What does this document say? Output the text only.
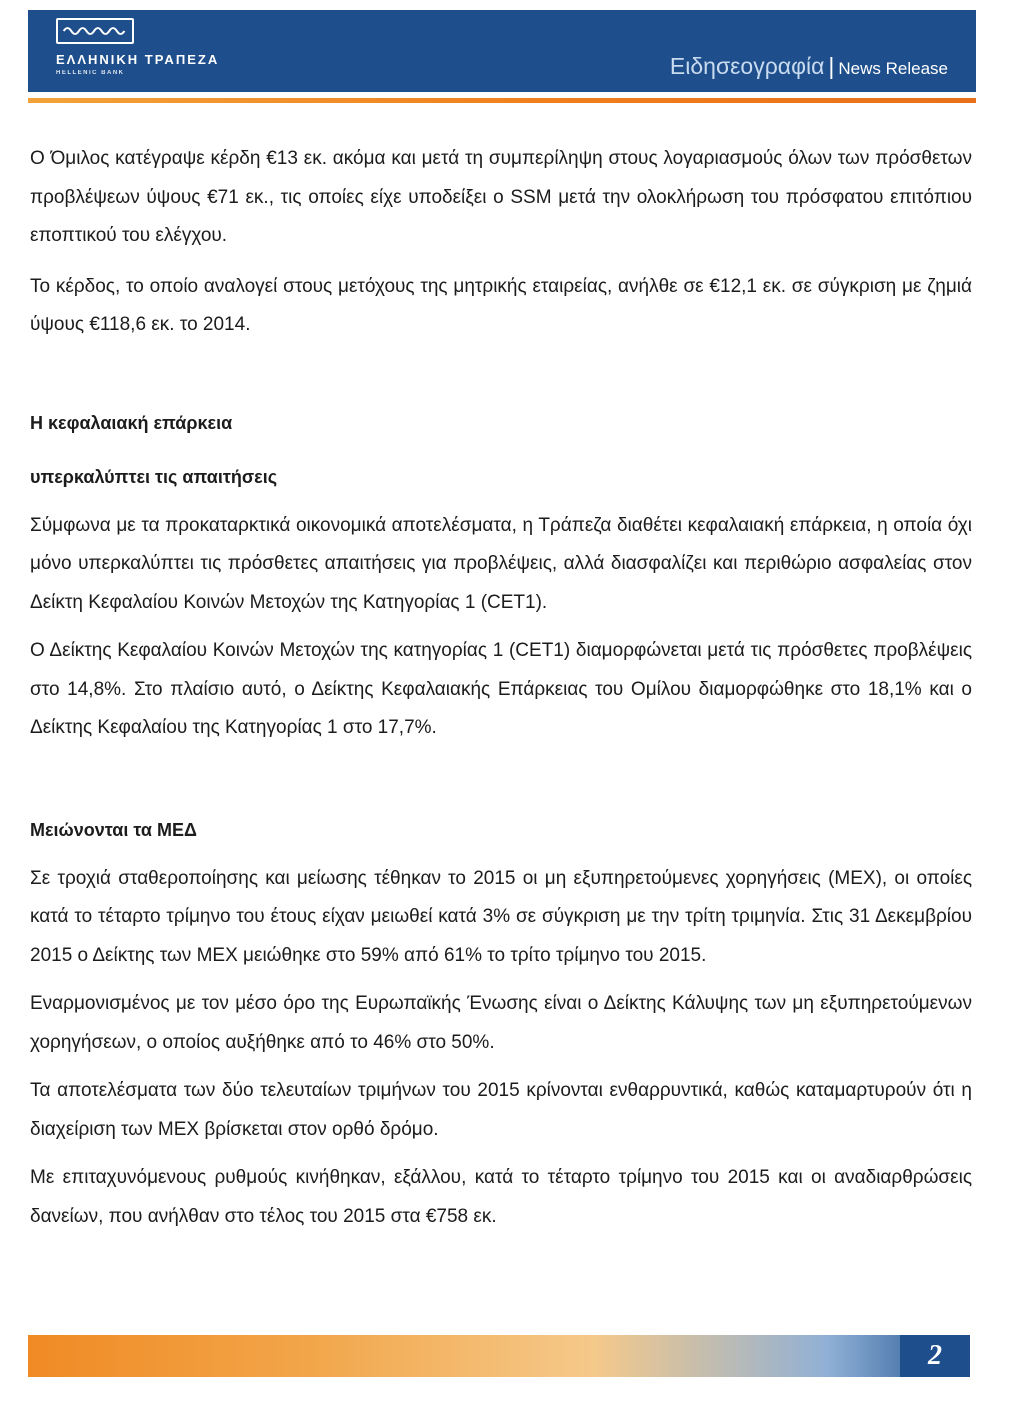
ΕΛΛΗΝΙΚΗ ΤΡΑΠΕΖΑ
HELLENIC BANK	Ειδησεογραφία | News Release

Ο Όμιλος κατέγραψε κέρδη €13 εκ. ακόμα και μετά τη συμπερίληψη στους λογαριασμούς όλων των πρόσθετων προβλέψεων ύψους €71 εκ., τις οποίες είχε υποδείξει ο SSM μετά την ολοκλήρωση του πρόσφατου επιτόπιου εποπτικού του ελέγχου.

Το κέρδος, το οποίο αναλογεί στους μετόχους της μητρικής εταιρείας, ανήλθε σε €12,1 εκ. σε σύγκριση με ζημιά ύψους €118,6 εκ. το 2014.

Η κεφαλαιακή επάρκεια

υπερκαλύπτει τις απαιτήσεις

Σύμφωνα με τα προκαταρκτικά οικονομικά αποτελέσματα, η Τράπεζα διαθέτει κεφαλαιακή επάρκεια, η οποία όχι μόνο υπερκαλύπτει τις πρόσθετες απαιτήσεις για προβλέψεις, αλλά διασφαλίζει και περιθώριο ασφαλείας στον Δείκτη Κεφαλαίου Κοινών Μετοχών της Κατηγορίας 1 (CET1).

Ο Δείκτης Κεφαλαίου Κοινών Μετοχών της κατηγορίας 1 (CET1) διαμορφώνεται μετά τις πρόσθετες προβλέψεις στο 14,8%. Στο πλαίσιο αυτό, ο Δείκτης Κεφαλαιακής Επάρκειας του Ομίλου διαμορφώθηκε στο 18,1% και ο Δείκτης Κεφαλαίου της Κατηγορίας 1 στο 17,7%.

Μειώνονται τα ΜΕΔ

Σε τροχιά σταθεροποίησης και μείωσης τέθηκαν το 2015 οι μη εξυπηρετούμενες χορηγήσεις (ΜΕΧ), οι οποίες κατά το τέταρτο τρίμηνο του έτους είχαν μειωθεί κατά 3% σε σύγκριση με την τρίτη τριμηνία. Στις 31 Δεκεμβρίου 2015 ο Δείκτης των ΜΕΧ μειώθηκε στο 59% από 61% το τρίτο τρίμηνο του 2015.

Εναρμονισμένος με τον μέσο όρο της Ευρωπαϊκής Ένωσης είναι ο Δείκτης Κάλυψης των μη εξυπηρετούμενων χορηγήσεων, ο οποίος αυξήθηκε από το 46% στο 50%.

Τα αποτελέσματα των δύο τελευταίων τριμήνων του 2015 κρίνονται ενθαρρυντικά, καθώς καταμαρτυρούν ότι η διαχείριση των ΜΕΧ βρίσκεται στον ορθό δρόμο.

Με επιταχυνόμενους ρυθμούς κινήθηκαν, εξάλλου, κατά το τέταρτο τρίμηνο του 2015 και οι αναδιαρθρώσεις δανείων, που ανήλθαν στο τέλος του 2015 στα €758 εκ.

2
